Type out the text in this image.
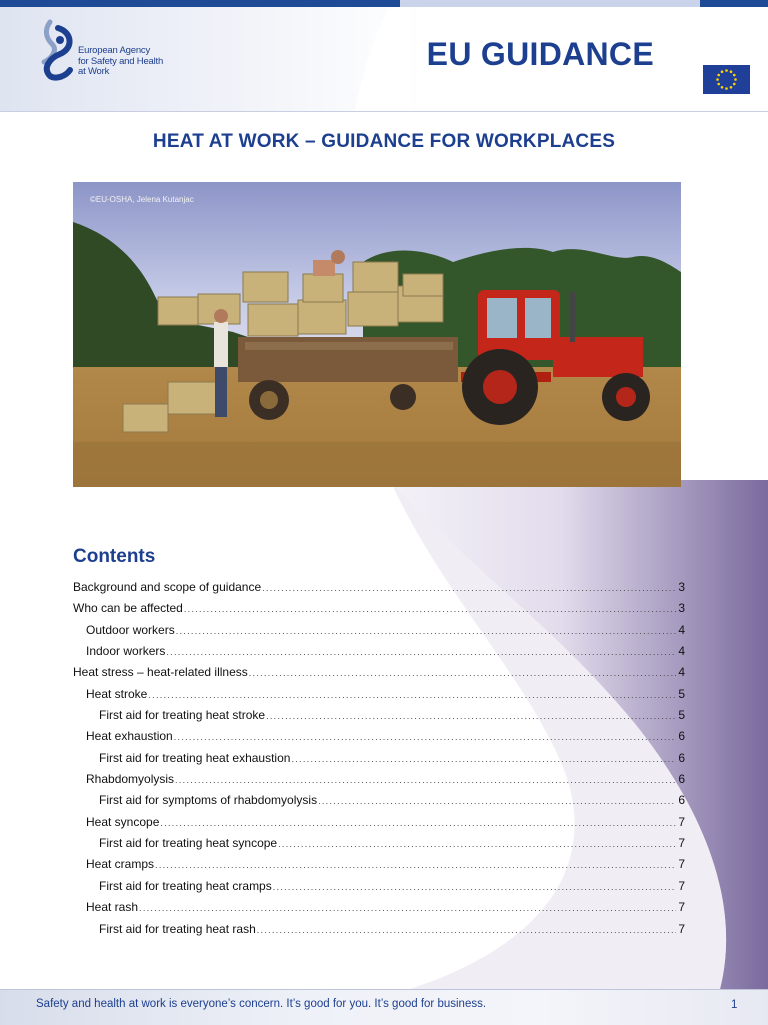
European Agency
for Safety and Health
at Work	EU GUIDANCE
HEAT AT WORK – GUIDANCE FOR WORKPLACES
©EU-OSHA, Jelena Kutanjac
Contents
Background and scope of guidance .....	3
Who can be affected .....	3
Outdoor workers .....	4
Indoor workers .....	4
Heat stress – heat-related illness .....	4
Heat stroke .....	5
First aid for treating heat stroke .....	5
Heat exhaustion .....	6
First aid for treating heat exhaustion .....	6
Rhabdomyolysis .....	6
First aid for symptoms of rhabdomyolysis .....	6
Heat syncope .....	7
First aid for treating heat syncope .....	7
Heat cramps .....	7
First aid for treating heat cramps .....	7
Heat rash .....	7
First aid for treating heat rash .....	7
Safety and health at work is everyone’s concern. It’s good for you. It’s good for business.	1
